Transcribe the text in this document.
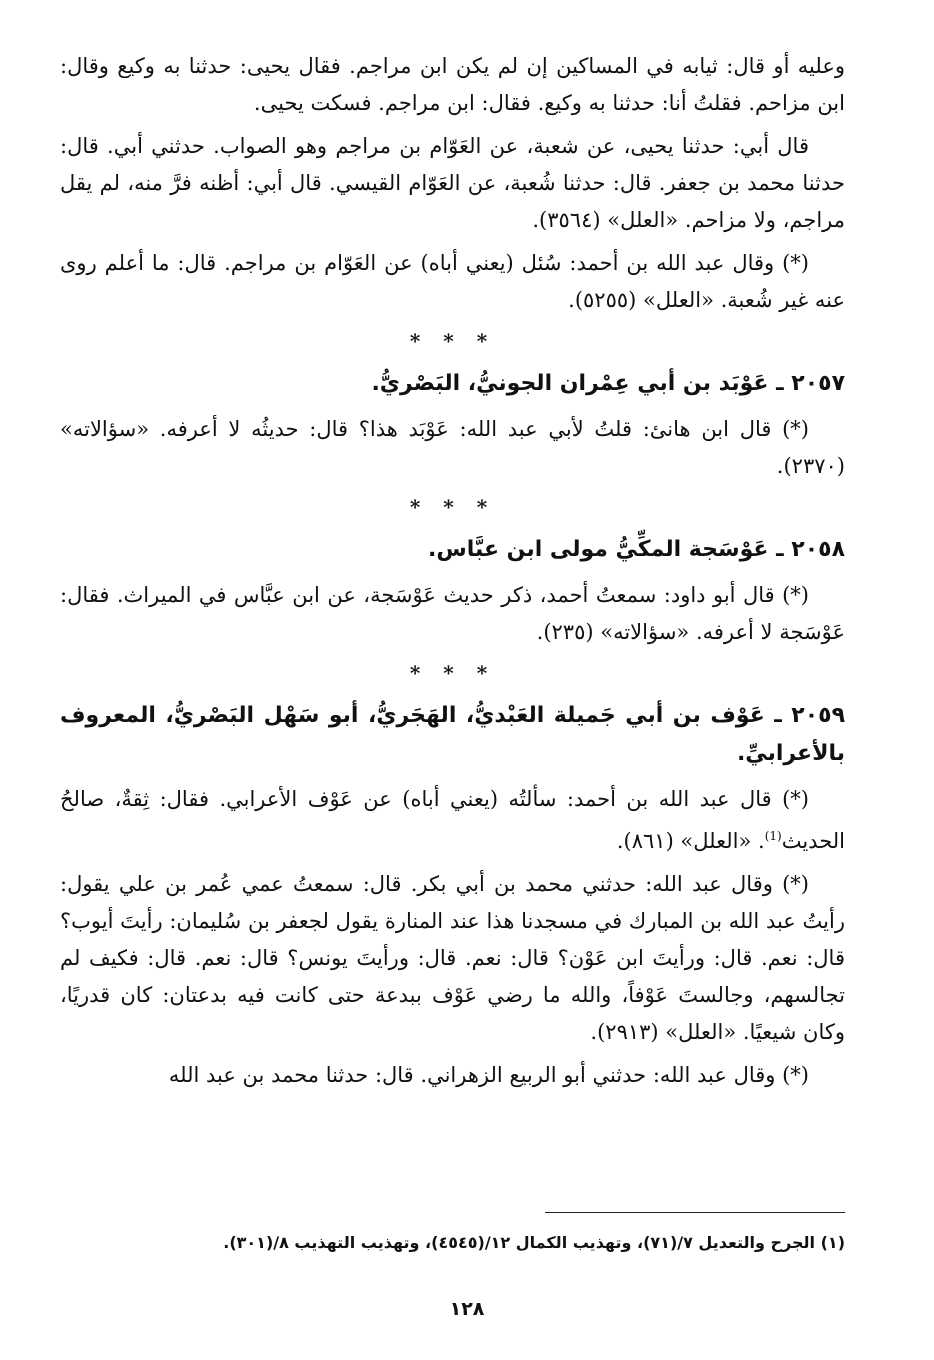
وعليه أو قال: ثيابه في المساكين إن لم يكن ابن مراجم. فقال يحيى: حدثنا به وكيع وقال: ابن مزاحم. فقلتُ أنا: حدثنا به وكيع. فقال: ابن مراجم. فسكت يحيى.

قال أبي: حدثنا يحيى، عن شعبة، عن العَوّام بن مراجم وهو الصواب. حدثني أبي. قال: حدثنا محمد بن جعفر. قال: حدثنا شُعبة، عن العَوّام القيسي. قال أبي: أظنه فرَّ منه، لم يقل مراجم، ولا مزاحم. «العلل» (٣٥٦٤).

(*) وقال عبد الله بن أحمد: سُئل (يعني أباه) عن العَوّام بن مراجم. قال: ما أعلم روى عنه غير شُعبة. «العلل» (٥٢٥٥).

* * *
٢٠٥٧ ـ عَوْبَد بن أبي عِمْران الجونيُّ، البَصْريُّ.

(*) قال ابن هانئ: قلتُ لأبي عبد الله: عَوْبَد هذا؟ قال: حديثُه لا أعرفه. «سؤالاته» (٢٣٧٠).

* * *
٢٠٥٨ ـ عَوْسَجة المكِّيُّ مولى ابن عبَّاس.

(*) قال أبو داود: سمعتُ أحمد، ذكر حديث عَوْسَجة، عن ابن عبَّاس في الميراث. فقال: عَوْسَجة لا أعرفه. «سؤالاته» (٢٣٥).

* * *
٢٠٥٩ ـ عَوْف بن أبي جَميلة العَبْديُّ، الهَجَريُّ، أبو سَهْل البَصْريُّ، المعروف بالأعرابيِّ.

(*) قال عبد الله بن أحمد: سألتُه (يعني أباه) عن عَوْف الأعرابي. فقال: ثِقةٌ، صالحُ الحديث$^{(1)}$. «العلل» (٨٦١).

(*) وقال عبد الله: حدثني محمد بن أبي بكر. قال: سمعتُ عمي عُمر بن علي يقول: رأيتُ عبد الله بن المبارك في مسجدنا هذا عند المنارة يقول لجعفر بن سُليمان: رأيتَ أيوب؟ قال: نعم. قال: ورأيتَ ابن عَوْن؟ قال: نعم. قال: ورأيتَ يونس؟ قال: نعم. قال: فكيف لم تجالسهم، وجالستَ عَوْفاً، والله ما رضي عَوْف ببدعة حتى كانت فيه بدعتان: كان قدريًا، وكان شيعيًا. «العلل» (٢٩١٣).

(*) وقال عبد الله: حدثني أبو الربيع الزهراني. قال: حدثنا محمد بن عبد الله

(١) الجرح والتعديل ٧/(٧١)، وتهذيب الكمال ١٢/(٤٥٤٥)، وتهذيب التهذيب ٨/(٣٠١).
١٢٨
